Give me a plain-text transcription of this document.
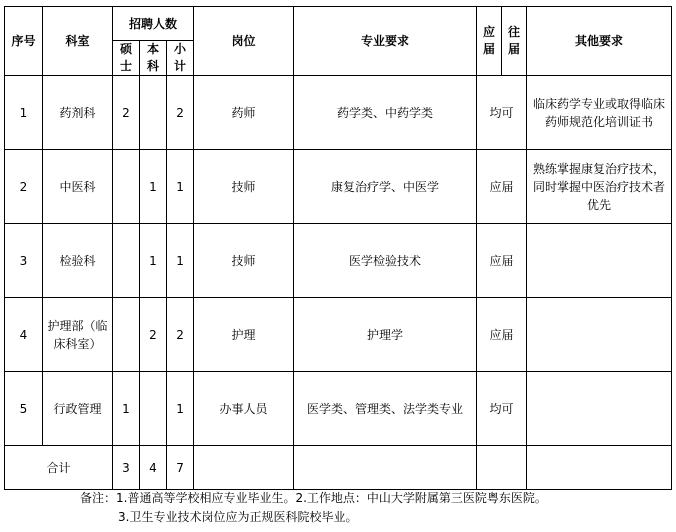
序号	科室	招聘人数			岗位	专业要求	应届	往届	其他要求
		硕士	本科	小计					
1	药剂科	2		2	药师	药学类、中药学类	均可		临床药学专业或取得临床药师规范化培训证书
2	中医科		1	1	技师	康复治疗学、中医学	应届		熟练掌握康复治疗技术，同时掌握中医治疗技术者优先
3	检验科		1	1	技师	医学检验技术	应届		
4	护理部（临床科室）		2	2	护理	护理学	应届		
5	行政管理	1		1	办事人员	医学类、管理类、法学类专业	均可		
合计		3	4	7					
备注：1.普通高等学校相应专业毕业生。2.工作地点：中山大学附属第三医院粤东医院。
3.卫生专业技术岗位应为正规医科院校毕业。
